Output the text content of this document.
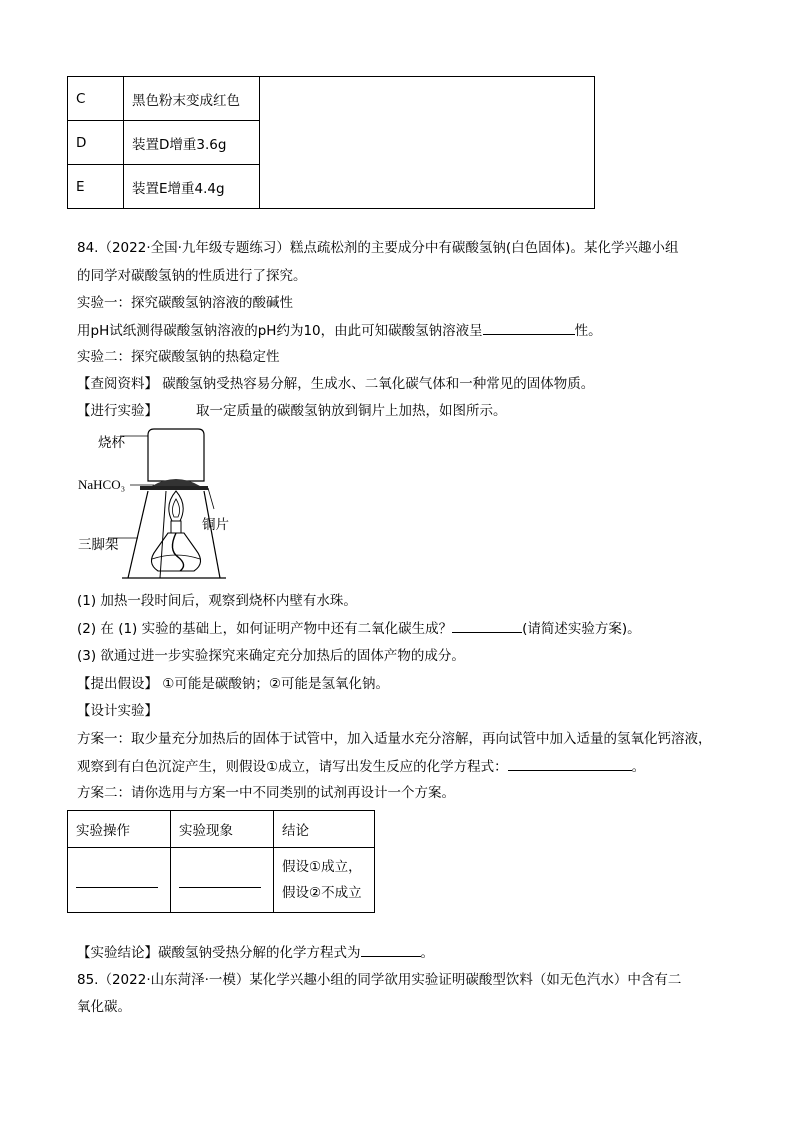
C	黑色粉末变成红色	
D	装置D增重3.6g	
E	装置E增重4.4g	
84.（2022·全国·九年级专题练习）糕点疏松剂的主要成分中有碳酸氢钠(白色固体)。某化学兴趣小组
的同学对碳酸氢钠的性质进行了探究。
实验一：探究碳酸氢钠溶液的酸碱性
用pH试纸测得碳酸氢钠溶液的pH约为10，由此可知碳酸氢钠溶液呈	性。
实验二：探究碳酸氢钠的热稳定性
【查阅资料】 碳酸氢钠受热容易分解，生成水、二氧化碳气体和一种常见的固体物质。
【进行实验】	取一定质量的碳酸氢钠放到铜片上加热，如图所示。
烧杯
NaHCO₃
铜片
三脚架
(1) 加热一段时间后，观察到烧杯内壁有水珠。
(2) 在 (1) 实验的基础上，如何证明产物中还有二氧化碳生成？	(请简述实验方案)。
(3) 欲通过进一步实验探究来确定充分加热后的固体产物的成分。
【提出假设】 ①可能是碳酸钠；②可能是氢氧化钠。
【设计实验】
方案一：取少量充分加热后的固体于试管中，加入适量水充分溶解，再向试管中加入适量的氢氧化钙溶液，
观察到有白色沉淀产生，则假设①成立，请写出发生反应的化学方程式：	。
方案二：请你选用与方案一中不同类别的试剂再设计一个方案。
实验操作	实验现象	结论

		假设①成立，
假设②不成立
【实验结论】碳酸氢钠受热分解的化学方程式为	。
85.（2022·山东菏泽·一模）某化学兴趣小组的同学欲用实验证明碳酸型饮料（如无色汽水）中含有二
氧化碳。
